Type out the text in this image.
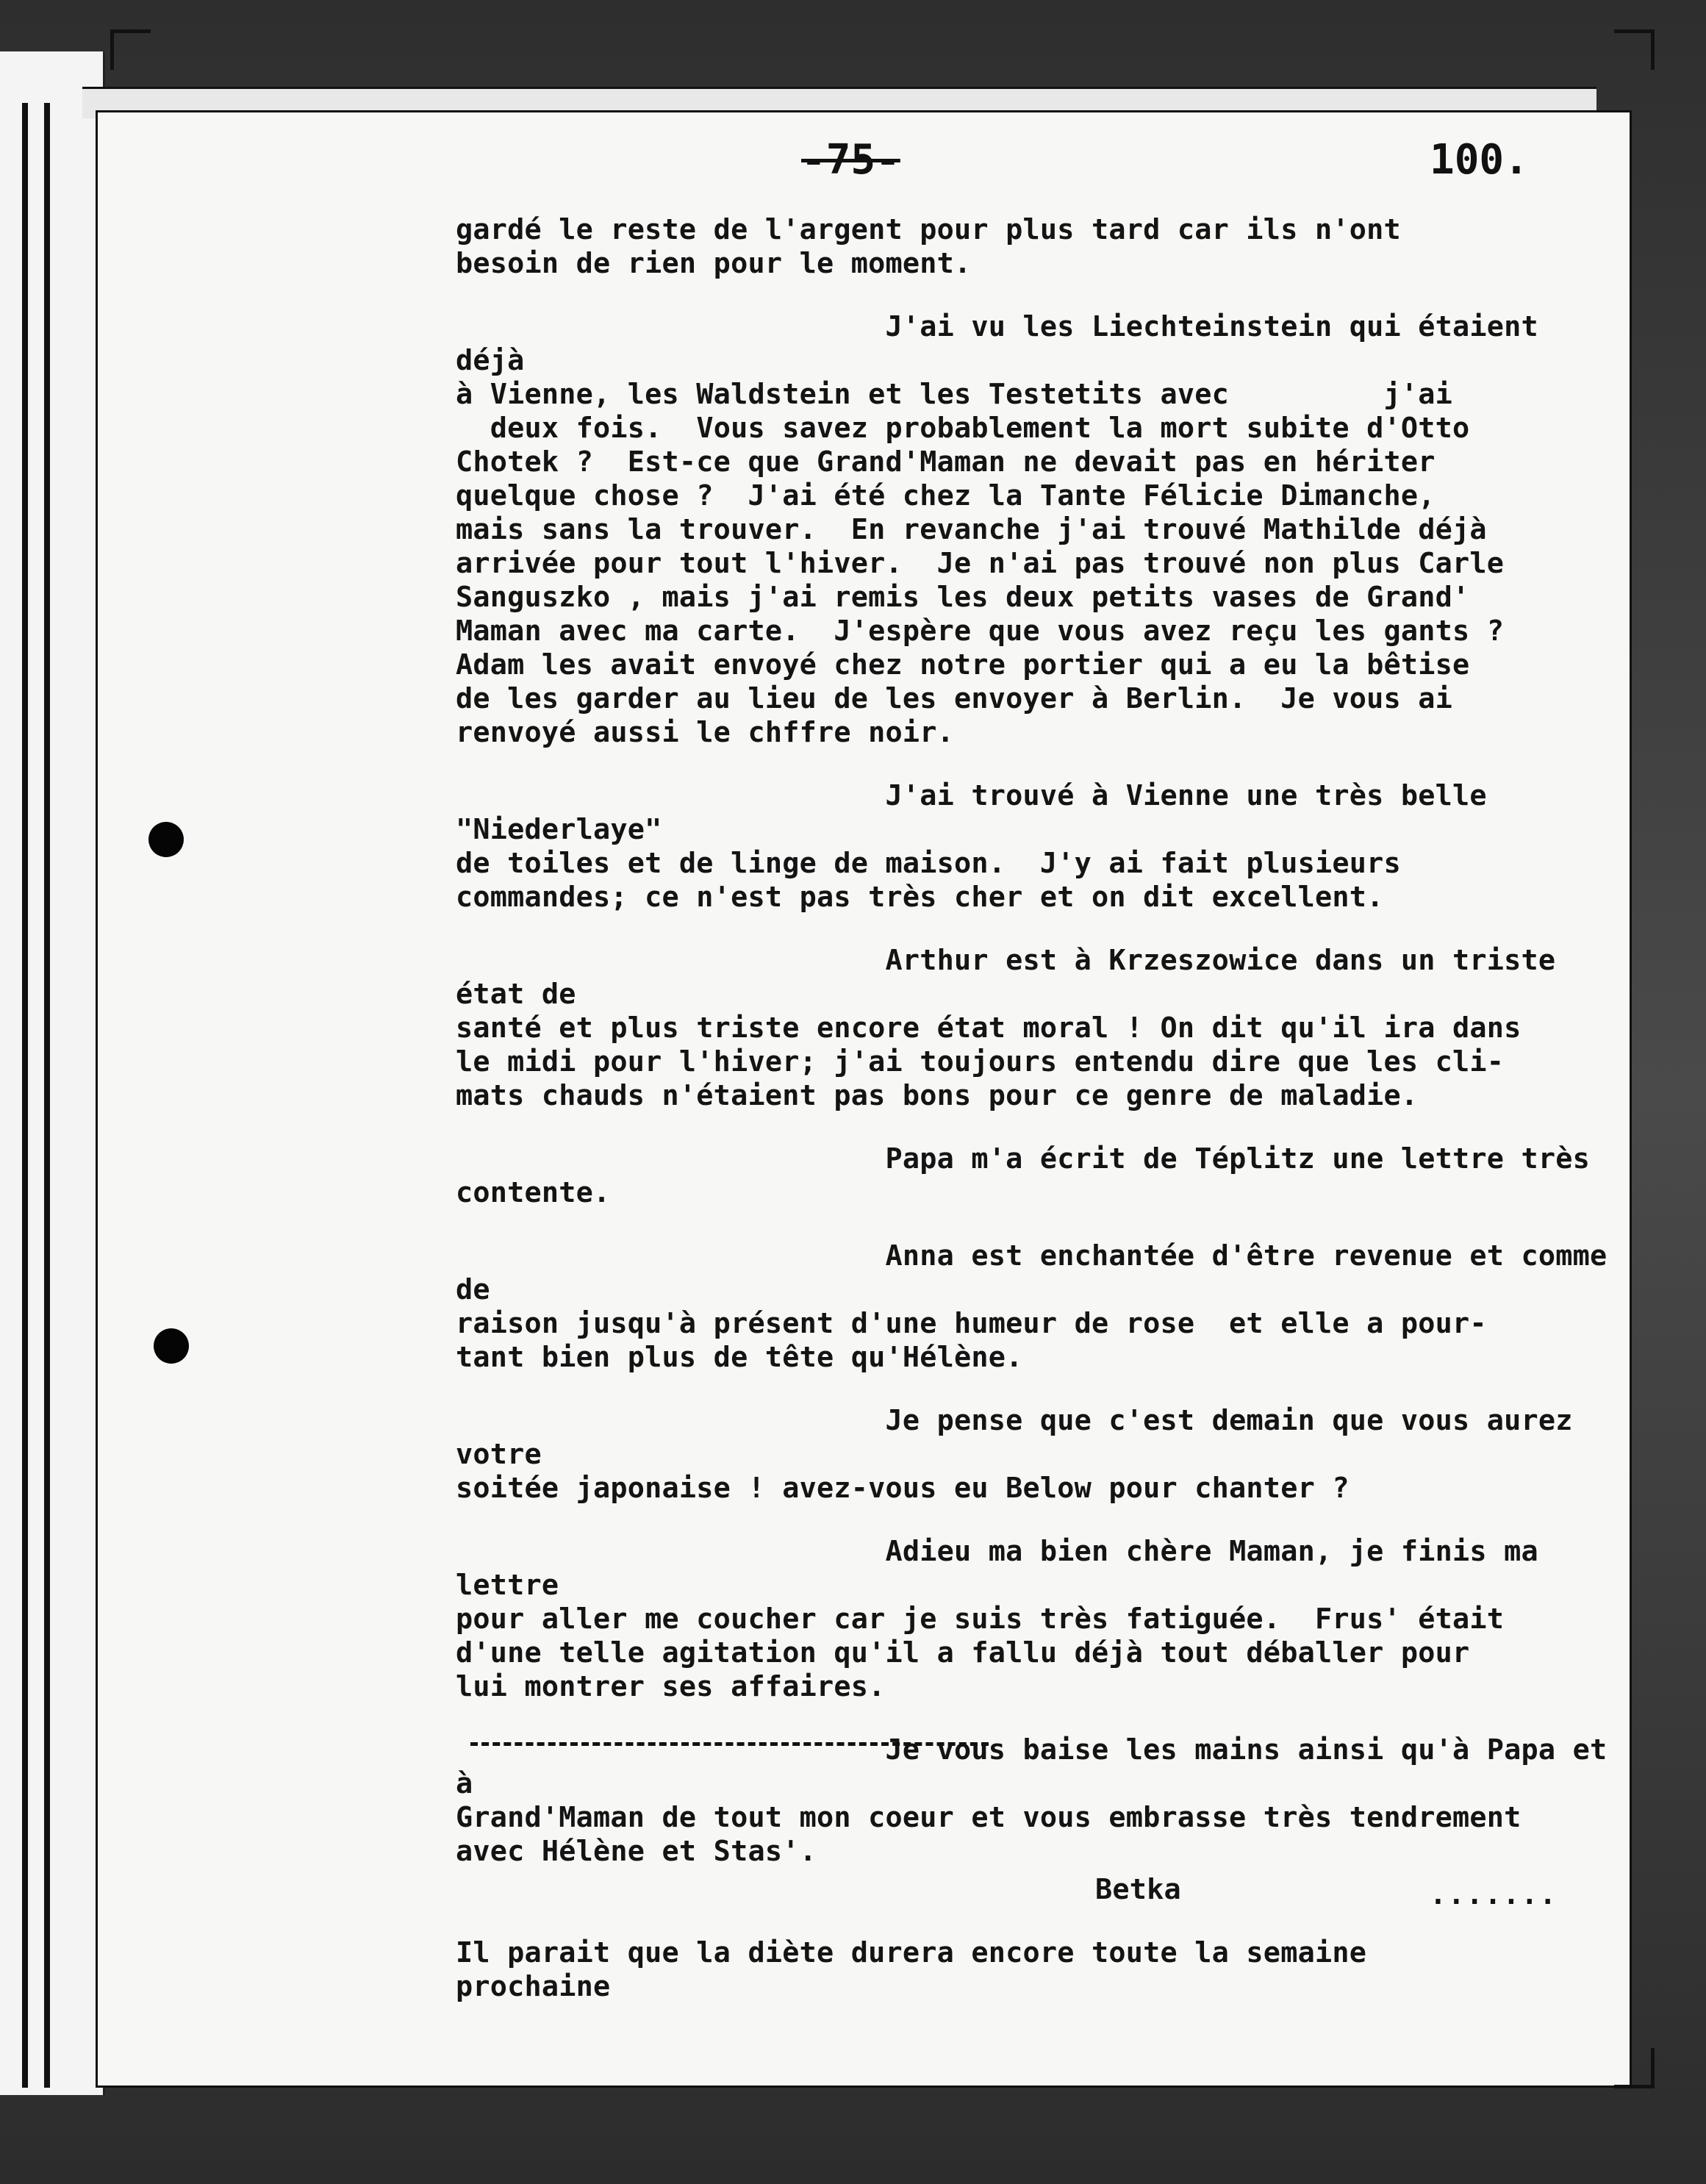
-75-	100.

gardé le reste de l'argent pour plus tard car ils n'ont
besoin de rien pour le moment.

J'ai vu les Liechteinstein qui étaient déjà
à Vienne, les Waldstein et les Testetits avec         j'ai
deux fois.  Vous savez probablement la mort subite d'Otto
Chotek ?  Est-ce que Grand'Maman ne devait pas en hériter
quelque chose ?  J'ai été chez la Tante Félicie Dimanche,
mais sans la trouver.  En revanche j'ai trouvé Mathilde déjà
arrivée pour tout l'hiver.  Je n'ai pas trouvé non plus Carle
Sanguszko , mais j'ai remis les deux petits vases de Grand'
Maman avec ma carte.  J'espère que vous avez reçu les gants ?
Adam les avait envoyé chez notre portier qui a eu la bêtise
de les garder au lieu de les envoyer à Berlin.  Je vous ai
renvoyé aussi le chffre noir.

J'ai trouvé à Vienne une très belle "Niederlaye"
de toiles et de linge de maison.  J'y ai fait plusieurs
commandes; ce n'est pas très cher et on dit excellent.

Arthur est à Krzeszowice dans un triste état de
santé et plus triste encore état moral ! On dit qu'il ira dans
le midi pour l'hiver; j'ai toujours entendu dire que les cli-
mats chauds n'étaient pas bons pour ce genre de maladie.

Papa m'a écrit de Téplitz une lettre très
contente.

Anna est enchantée d'être revenue et comme de
raison jusqu'à présent d'une humeur de rose  et elle a pour-
tant bien plus de tête qu'Hélène.

Je pense que c'est demain que vous aurez votre
soitée japonaise ! avez-vous eu Below pour chanter ?

Adieu ma bien chère Maman, je finis ma lettre
pour aller me coucher car je suis très fatiguée.  Frus' était
d'une telle agitation qu'il a fallu déjà tout déballer pour
lui montrer ses affaires.

Je vous baise les mains ainsi qu'à Papa et à
Grand'Maman de tout mon coeur et vous embrasse très tendrement
avec Hélène et Stas'.

Betka

Il parait que la diète durera encore toute la semaine
prochaine

.......
